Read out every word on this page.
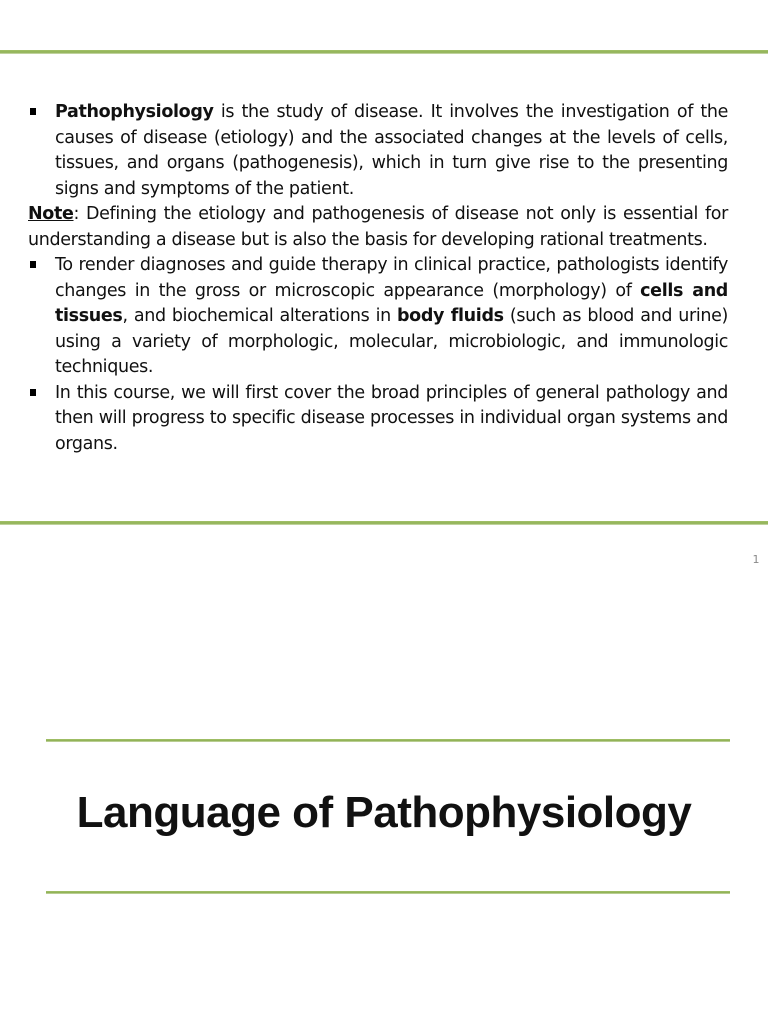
Pathophysiology is the study of disease. It involves the investigation of the causes of disease (etiology) and the associated changes at the levels of cells, tissues, and organs (pathogenesis), which in turn give rise to the presenting signs and symptoms of the patient.
Note: Defining the etiology and pathogenesis of disease not only is essential for understanding a disease but is also the basis for developing rational treatments.
To render diagnoses and guide therapy in clinical practice, pathologists identify changes in the gross or microscopic appearance (morphology) of cells and tissues, and biochemical alterations in body fluids (such as blood and urine) using a variety of morphologic, molecular, microbiologic, and immunologic techniques.
In this course, we will first cover the broad principles of general pathology and then will progress to specific disease processes in individual organ systems and organs.
1
Language of Pathophysiology
